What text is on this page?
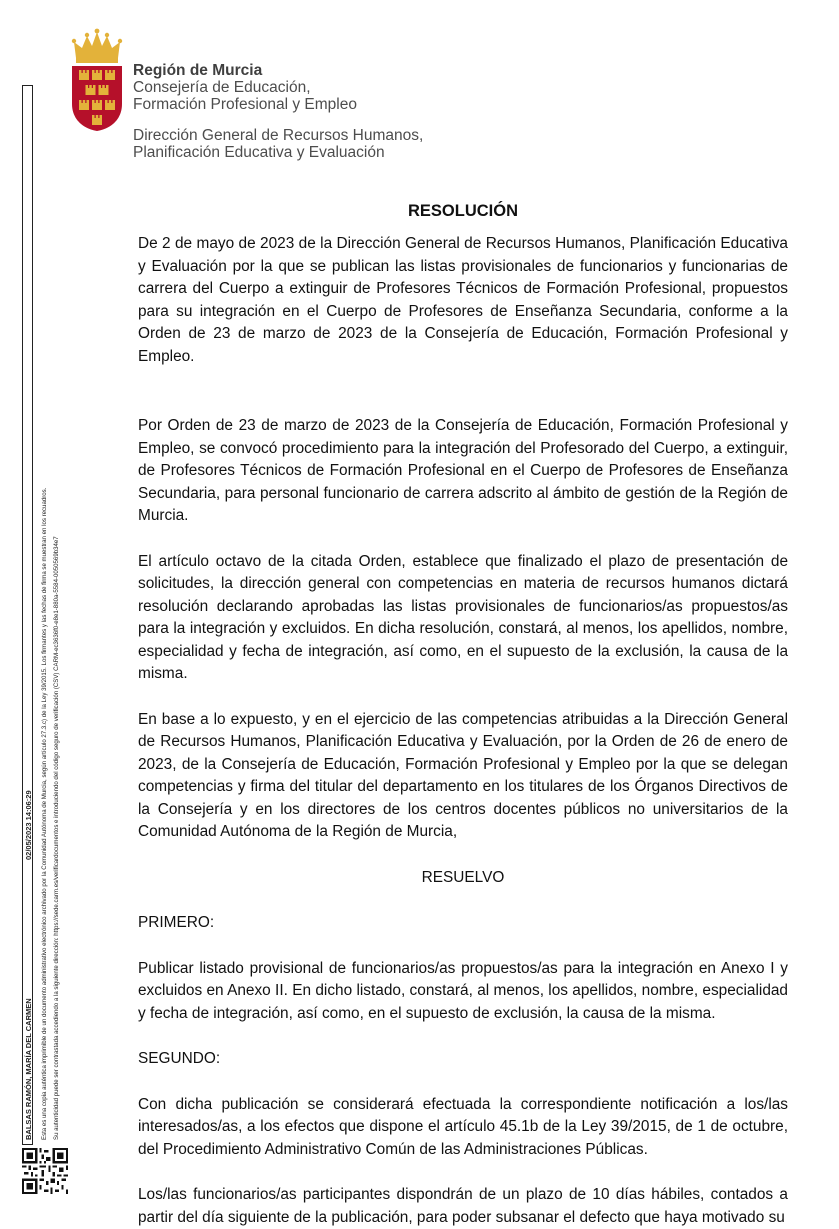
Región de Murcia
Consejería de Educación,
Formación Profesional y Empleo
Dirección General de Recursos Humanos,
Planificación Educativa y Evaluación
BALSAS RAMÓN, MARÍA DEL CARMEN
02/05/2023 14:06:29 Esta es una copia auténtica imprimible de un documento administrativo electrónico archivado por la Comunidad Autónoma de Murcia, según artículo 27.3.c) de la Ley 39/2015. Los firmantes y las fechas de firma se muestran en los recuadros. Su autenticidad puede ser contrastada accediendo a la siguiente dirección: https://sede.carm.es/verificardocumentos e introduciendo del código seguro de verificación (CSV) CARM-ec3636f0-e8e1-880a-5584-0050569b34e7
RESOLUCIÓN

De 2 de mayo de 2023 de la Dirección General de Recursos Humanos, Planificación Educativa y Evaluación por la que se publican las listas provisionales de funcionarios y funcionarias de carrera del Cuerpo a extinguir de Profesores Técnicos de Formación Profesional, propuestos para su integración en el Cuerpo de Profesores de Enseñanza Secundaria, conforme a la Orden de 23 de marzo de 2023 de la Consejería de Educación, Formación Profesional y Empleo.

Por Orden de 23 de marzo de 2023 de la Consejería de Educación, Formación Profesional y Empleo, se convocó procedimiento para la integración del Profesorado del Cuerpo, a extinguir, de Profesores Técnicos de Formación Profesional en el Cuerpo de Profesores de Enseñanza Secundaria, para personal funcionario de carrera adscrito al ámbito de gestión de la Región de Murcia.

El artículo octavo de la citada Orden, establece que finalizado el plazo de presentación de solicitudes, la dirección general con competencias en materia de recursos humanos dictará resolución declarando aprobadas las listas provisionales de funcionarios/as propuestos/as para la integración y excluidos. En dicha resolución, constará, al menos, los apellidos, nombre, especialidad y fecha de integración, así como, en el supuesto de la exclusión, la causa de la misma.

En base a lo expuesto, y en el ejercicio de las competencias atribuidas a la Dirección General de Recursos Humanos, Planificación Educativa y Evaluación, por la Orden de 26 de enero de 2023, de la Consejería de Educación, Formación Profesional y Empleo por la que se delegan competencias y firma del titular del departamento en los titulares de los Órganos Directivos de la Consejería y en los directores de los centros docentes públicos no universitarios de la Comunidad Autónoma de la Región de Murcia,

RESUELVO

PRIMERO:

Publicar listado provisional de funcionarios/as propuestos/as para la integración en Anexo I y excluidos en Anexo II. En dicho listado, constará, al menos, los apellidos, nombre, especialidad y fecha de integración, así como, en el supuesto de exclusión, la causa de la misma.

SEGUNDO:

Con dicha publicación se considerará efectuada la correspondiente notificación a los/las interesados/as, a los efectos que dispone el artículo 45.1b de la Ley 39/2015, de 1 de octubre, del Procedimiento Administrativo Común de las Administraciones Públicas.

Los/las funcionarios/as participantes dispondrán de un plazo de 10 días hábiles, contados a partir del día siguiente de la publicación, para poder subsanar el defecto que haya motivado su
